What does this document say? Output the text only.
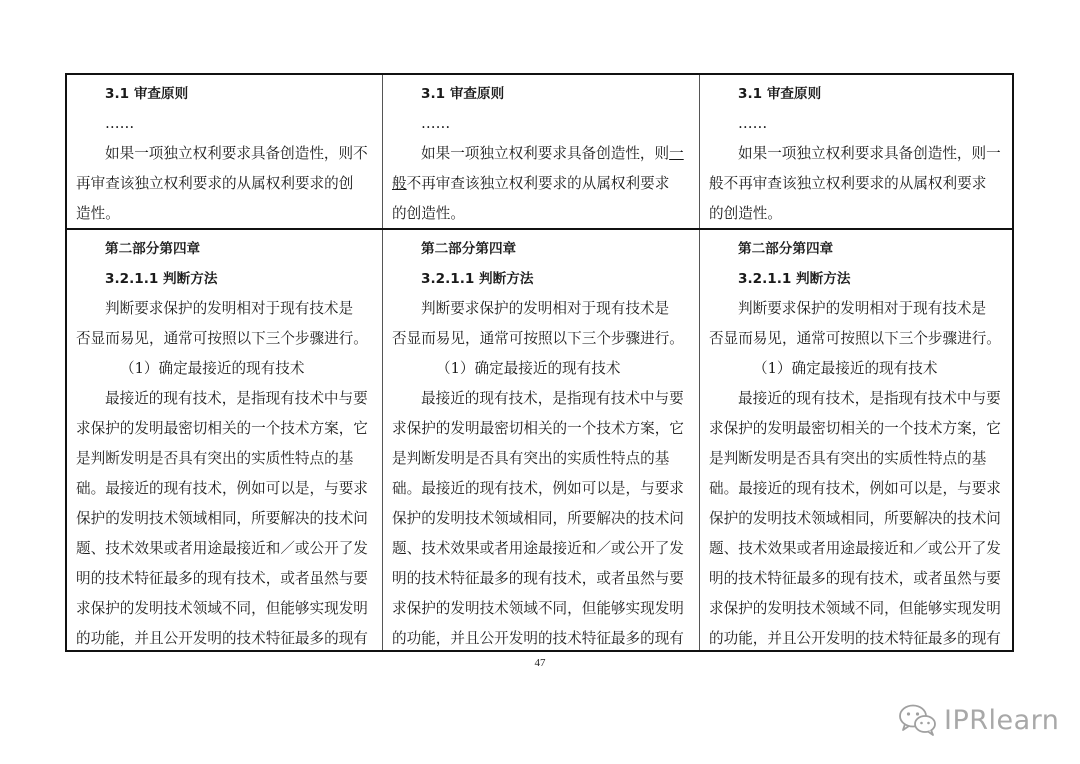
3.1 审查原则
……
如果一项独立权利要求具备创造性，则不
再审查该独立权利要求的从属权利要求的创
造性。
3.1 审查原则
……
如果一项独立权利要求具备创造性，则一
般不再审查该独立权利要求的从属权利要求
的创造性。
3.1 审查原则
……
如果一项独立权利要求具备创造性，则一
般不再审查该独立权利要求的从属权利要求
的创造性。
第二部分第四章
3.2.1.1 判断方法
判断要求保护的发明相对于现有技术是
否显而易见，通常可按照以下三个步骤进行。
（1）确定最接近的现有技术
最接近的现有技术，是指现有技术中与要
求保护的发明最密切相关的一个技术方案，它
是判断发明是否具有突出的实质性特点的基
础。最接近的现有技术，例如可以是，与要求
保护的发明技术领域相同，所要解决的技术问
题、技术效果或者用途最接近和／或公开了发
明的技术特征最多的现有技术，或者虽然与要
求保护的发明技术领域不同，但能够实现发明
的功能，并且公开发明的技术特征最多的现有
第二部分第四章
3.2.1.1 判断方法
判断要求保护的发明相对于现有技术是
否显而易见，通常可按照以下三个步骤进行。
（1）确定最接近的现有技术
最接近的现有技术，是指现有技术中与要
求保护的发明最密切相关的一个技术方案，它
是判断发明是否具有突出的实质性特点的基
础。最接近的现有技术，例如可以是，与要求
保护的发明技术领域相同，所要解决的技术问
题、技术效果或者用途最接近和／或公开了发
明的技术特征最多的现有技术，或者虽然与要
求保护的发明技术领域不同，但能够实现发明
的功能，并且公开发明的技术特征最多的现有
第二部分第四章
3.2.1.1 判断方法
判断要求保护的发明相对于现有技术是
否显而易见，通常可按照以下三个步骤进行。
（1）确定最接近的现有技术
最接近的现有技术，是指现有技术中与要
求保护的发明最密切相关的一个技术方案，它
是判断发明是否具有突出的实质性特点的基
础。最接近的现有技术，例如可以是，与要求
保护的发明技术领域相同，所要解决的技术问
题、技术效果或者用途最接近和／或公开了发
明的技术特征最多的现有技术，或者虽然与要
求保护的发明技术领域不同，但能够实现发明
的功能，并且公开发明的技术特征最多的现有
47
IPRlearn
